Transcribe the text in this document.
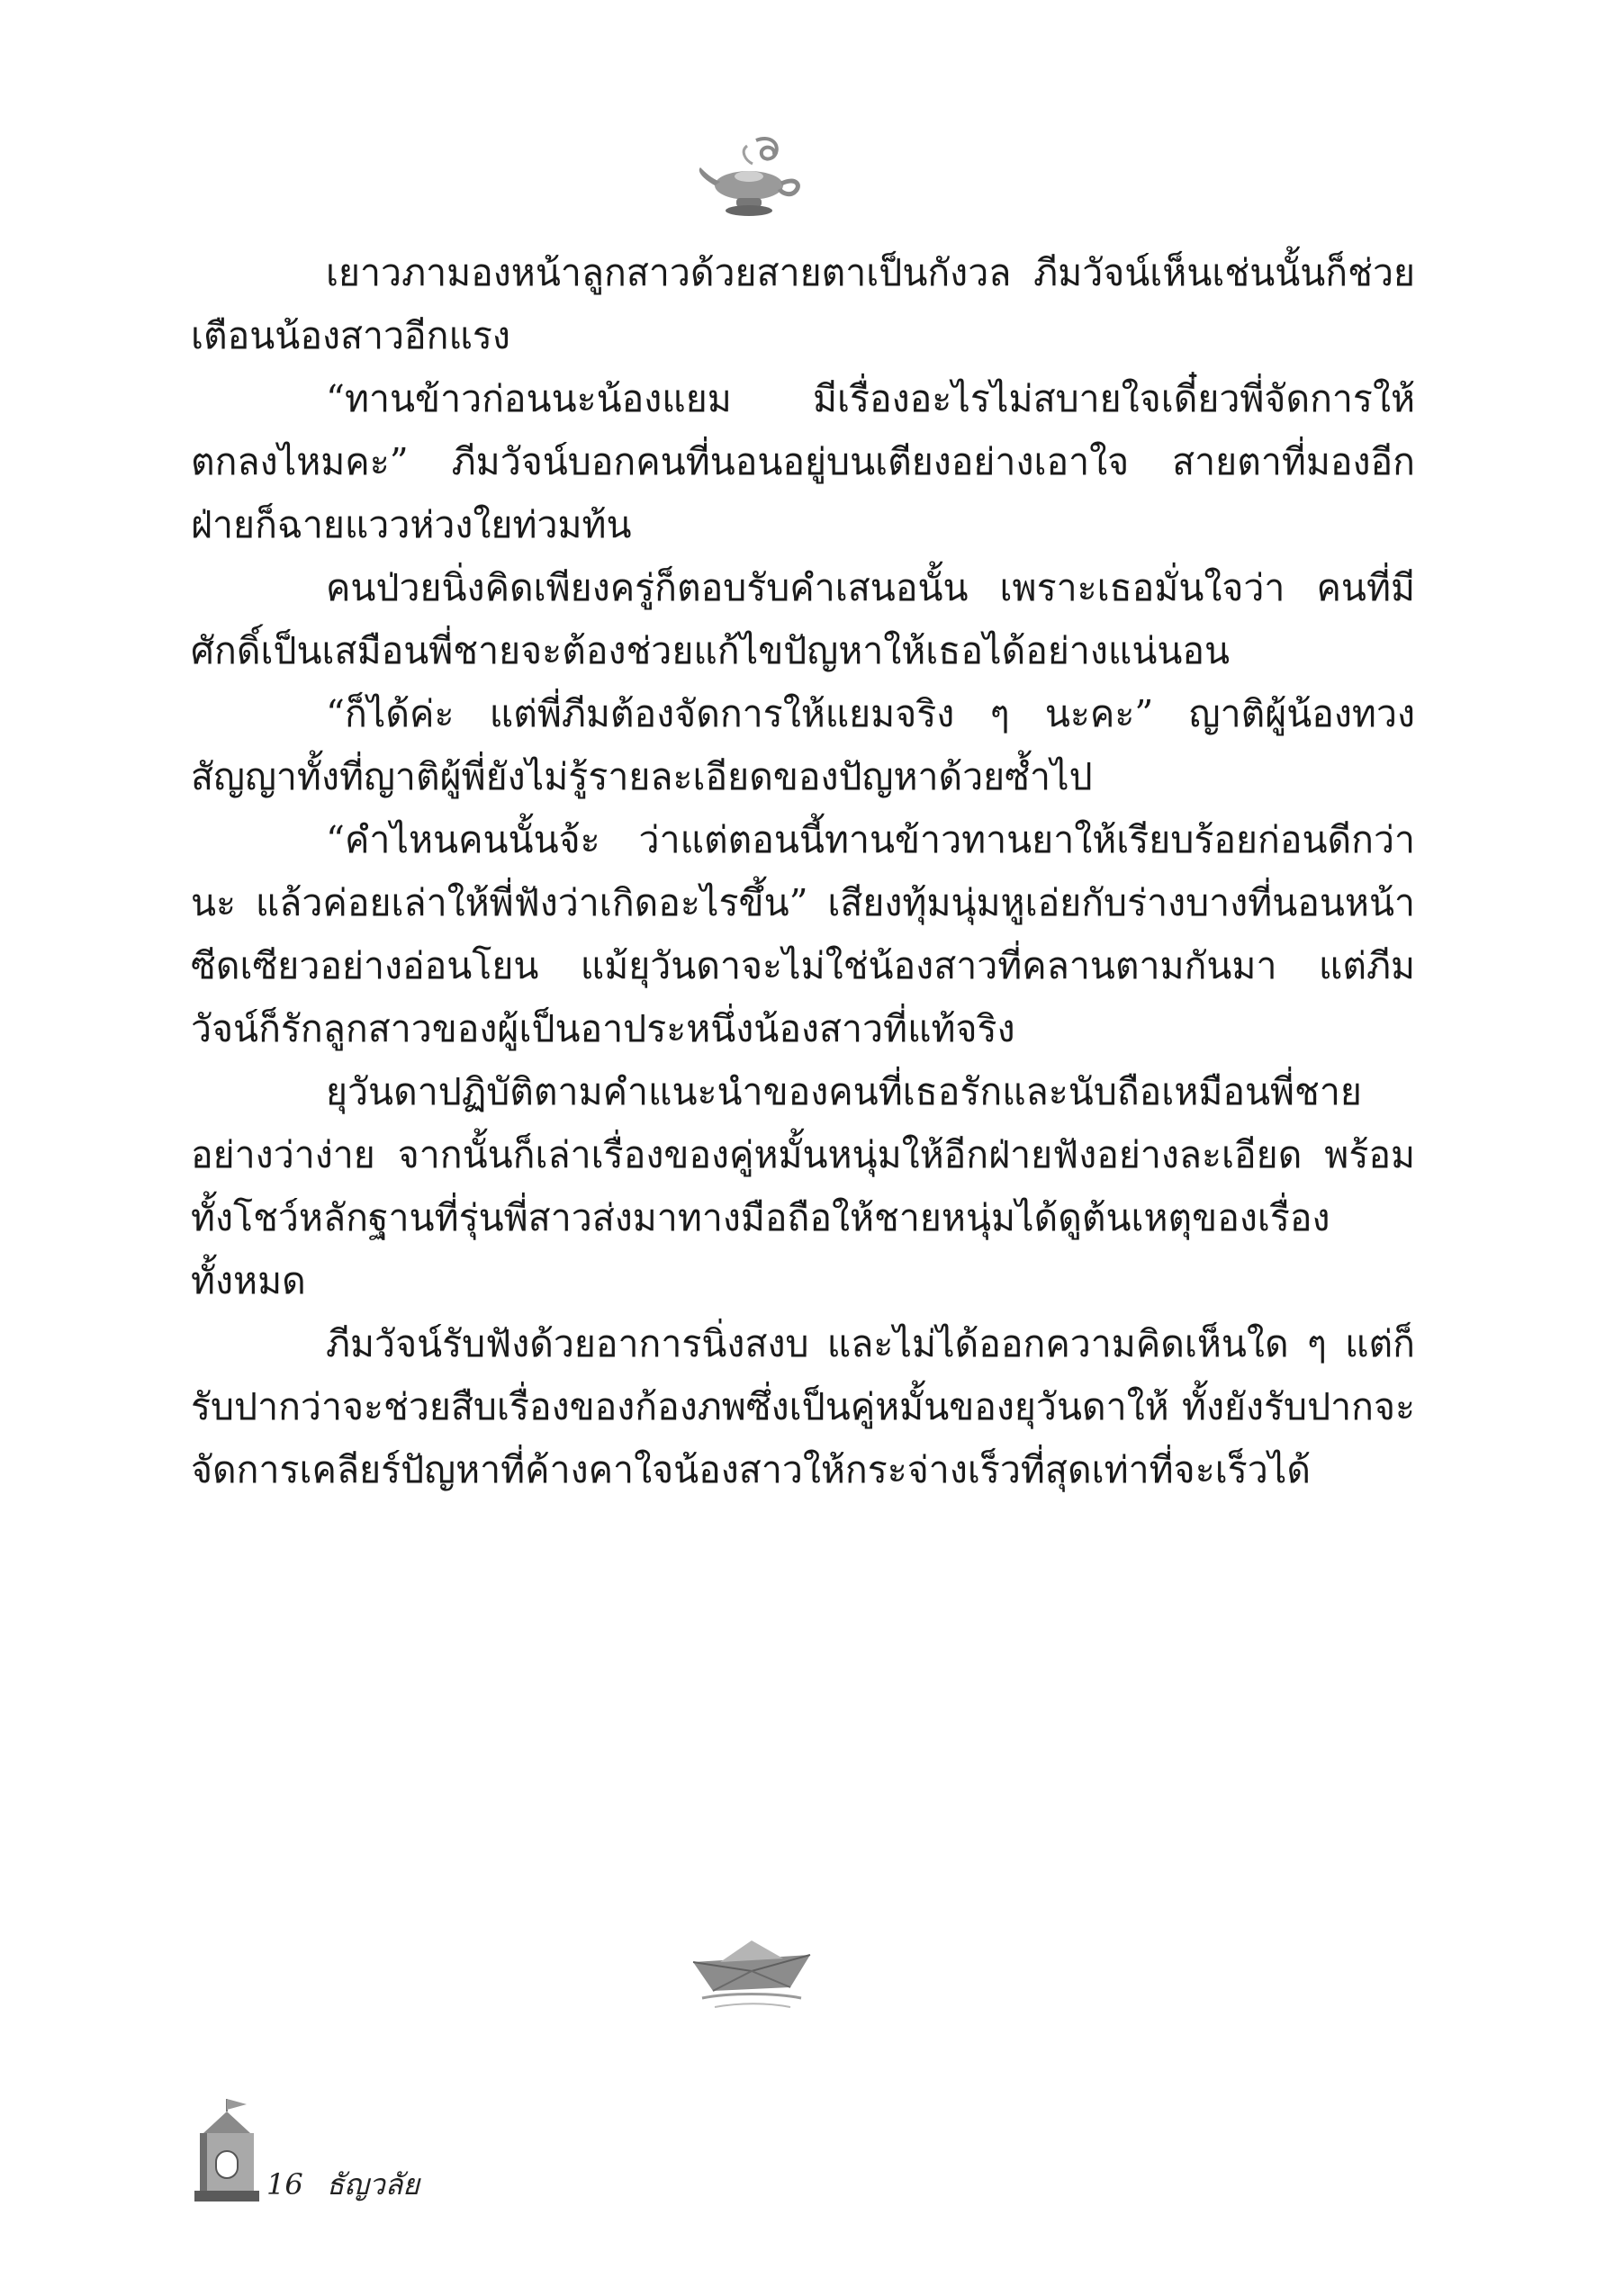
เยาวภามองหน้าลูกสาวด้วยสายตาเป็นกังวล ภีมวัจน์เห็นเช่นนั้นก็ช่วยเตือนน้องสาวอีกแรง

“ทานข้าวก่อนนะน้องแยม มีเรื่องอะไรไม่สบายใจเดี๋ยวพี่จัดการให้ ตกลงไหมคะ” ภีมวัจน์บอกคนที่นอนอยู่บนเตียงอย่างเอาใจ สายตาที่มองอีกฝ่ายก็ฉายแววห่วงใยท่วมท้น

คนป่วยนิ่งคิดเพียงครู่ก็ตอบรับคำเสนอนั้น เพราะเธอมั่นใจว่า คนที่มีศักดิ์เป็นเสมือนพี่ชายจะต้องช่วยแก้ไขปัญหาให้เธอได้อย่างแน่นอน

“ก็ได้ค่ะ แต่พี่ภีมต้องจัดการให้แยมจริง ๆ นะคะ” ญาติผู้น้องทวงสัญญาทั้งที่ญาติผู้พี่ยังไม่รู้รายละเอียดของปัญหาด้วยซ้ำไป

“คำไหนคนนั้นจ้ะ ว่าแต่ตอนนี้ทานข้าวทานยาให้เรียบร้อยก่อนดีกว่านะ แล้วค่อยเล่าให้พี่ฟังว่าเกิดอะไรขึ้น” เสียงทุ้มนุ่มหูเอ่ยกับร่างบางที่นอนหน้าซีดเซียวอย่างอ่อนโยน แม้ยุวันดาจะไม่ใช่น้องสาวที่คลานตามกันมา แต่ภีมวัจน์ก็รักลูกสาวของผู้เป็นอาประหนึ่งน้องสาวที่แท้จริง

ยุวันดาปฏิบัติตามคำแนะนำของคนที่เธอรักและนับถือเหมือนพี่ชายอย่างว่าง่าย จากนั้นก็เล่าเรื่องของคู่หมั้นหนุ่มให้อีกฝ่ายฟังอย่างละเอียด พร้อมทั้งโชว์หลักฐานที่รุ่นพี่สาวส่งมาทางมือถือให้ชายหนุ่มได้ดูต้นเหตุของเรื่องทั้งหมด

ภีมวัจน์รับฟังด้วยอาการนิ่งสงบ และไม่ได้ออกความคิดเห็นใด ๆ แต่ก็รับปากว่าจะช่วยสืบเรื่องของก้องภพซึ่งเป็นคู่หมั้นของยุวันดาให้ ทั้งยังรับปากจะจัดการเคลียร์ปัญหาที่ค้างคาใจน้องสาวให้กระจ่างเร็วที่สุดเท่าที่จะเร็วได้

16 ธัญวลัย
